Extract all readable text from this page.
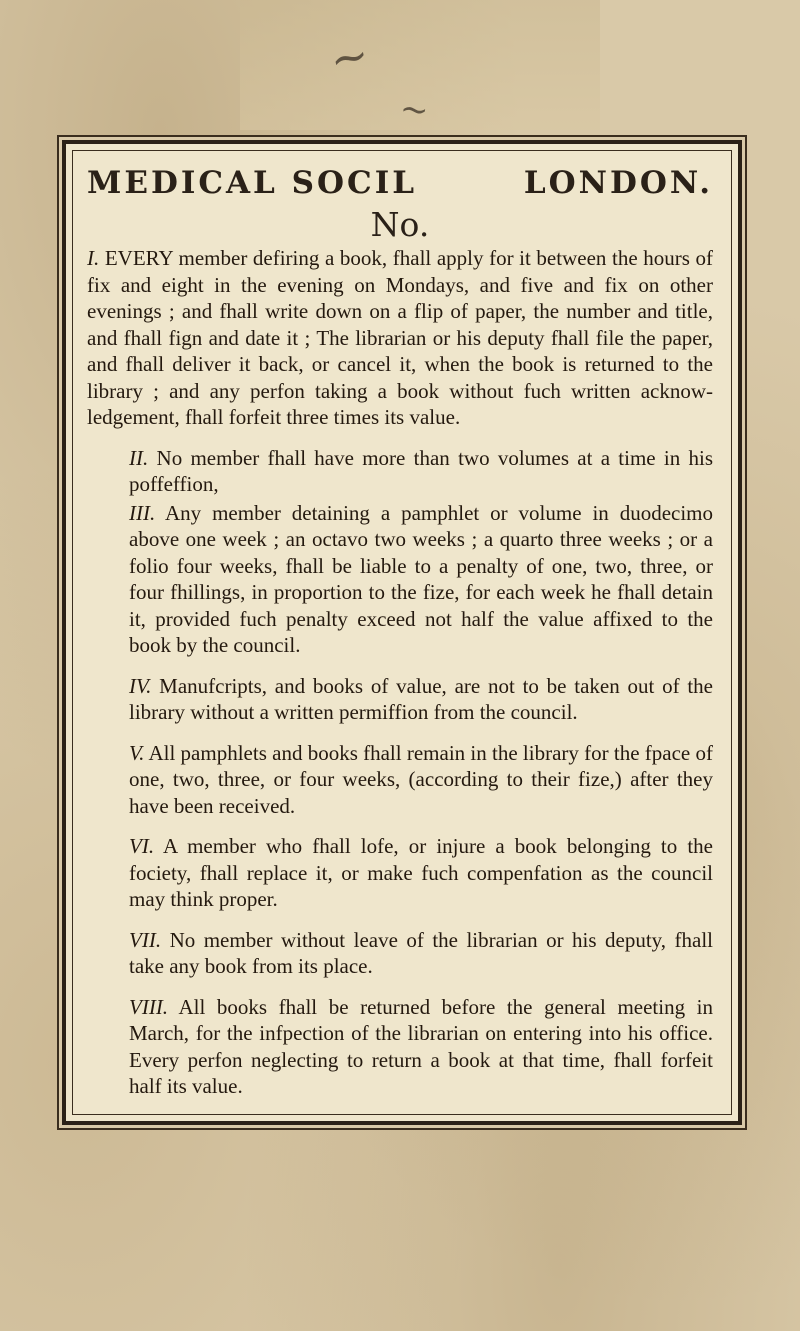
~
~
MEDICAL SOCIL	LONDON.
No.

I. EVERY member defiring a book, fhall apply for it between the hours of fix and eight in the evening on Mondays, and five and fix on other evenings ; and fhall write down on a flip of paper, the number and title, and fhall fign and date it ; The librarian or his deputy fhall file the paper, and fhall deliver it back, or cancel it, when the book is returned to the library ; and any perfon taking a book without fuch written acknowledgement, fhall forfeit three times its value.

II. No member fhall have more than two volumes at a time in his poffeffion,

III. Any member detaining a pamphlet or volume in duodecimo above one week ; an octavo two weeks ; a quarto three weeks ; or a folio four weeks, fhall be liable to a penalty of one, two, three, or four fhillings, in proportion to the fize, for each week he fhall detain it, provided fuch penalty exceed not half the value affixed to the book by the council.

IV. Manufcripts, and books of value, are not to be taken out of the library without a written permiffion from the council.

V. All pamphlets and books fhall remain in the library for the fpace of one, two, three, or four weeks, (according to their fize,) after they have been received.

VI. A member who fhall lofe, or injure a book belonging to the fociety, fhall replace it, or make fuch compenfation as the council may think proper.

VII. No member without leave of the librarian or his deputy, fhall take any book from its place.

VIII. All books fhall be returned before the general meeting in March, for the infpection of the librarian on entering into his office. Every perfon neglecting to return a book at that time, fhall forfeit half its value.
